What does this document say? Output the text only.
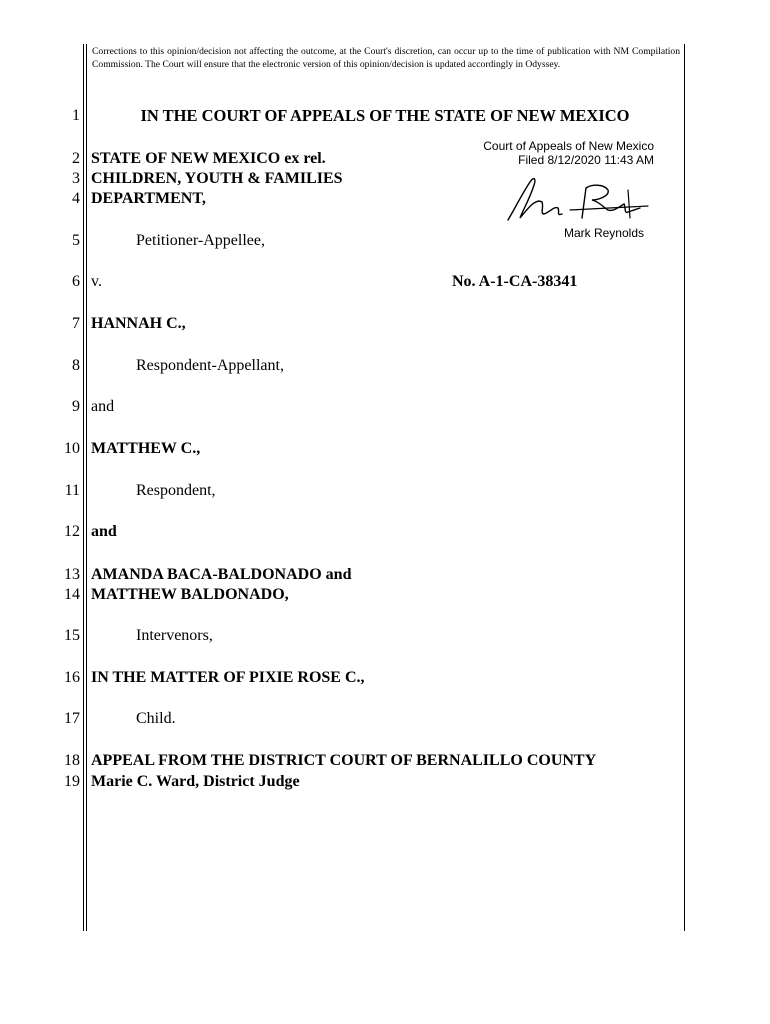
Corrections to this opinion/decision not affecting the outcome, at the Court's discretion, can occur up to the time of publication with NM Compilation Commission. The Court will ensure that the electronic version of this opinion/decision is updated accordingly in Odyssey.
1
2
3
4
5
6
7
8
9
10
11
12
13
14
15
16
17
18
19
IN THE COURT OF APPEALS OF THE STATE OF NEW MEXICO
Court of Appeals of New Mexico
Filed 8/12/2020 11:43 AM
Mark Reynolds
STATE OF NEW MEXICO ex rel.
CHILDREN, YOUTH & FAMILIES
DEPARTMENT,
Petitioner-Appellee,
v.	No. A-1-CA-38341
HANNAH C.,
Respondent-Appellant,
and
MATTHEW C.,
Respondent,
and
AMANDA BACA-BALDONADO and
MATTHEW BALDONADO,
Intervenors,
IN THE MATTER OF PIXIE ROSE C.,
Child.
APPEAL FROM THE DISTRICT COURT OF BERNALILLO COUNTY
Marie C. Ward, District Judge
